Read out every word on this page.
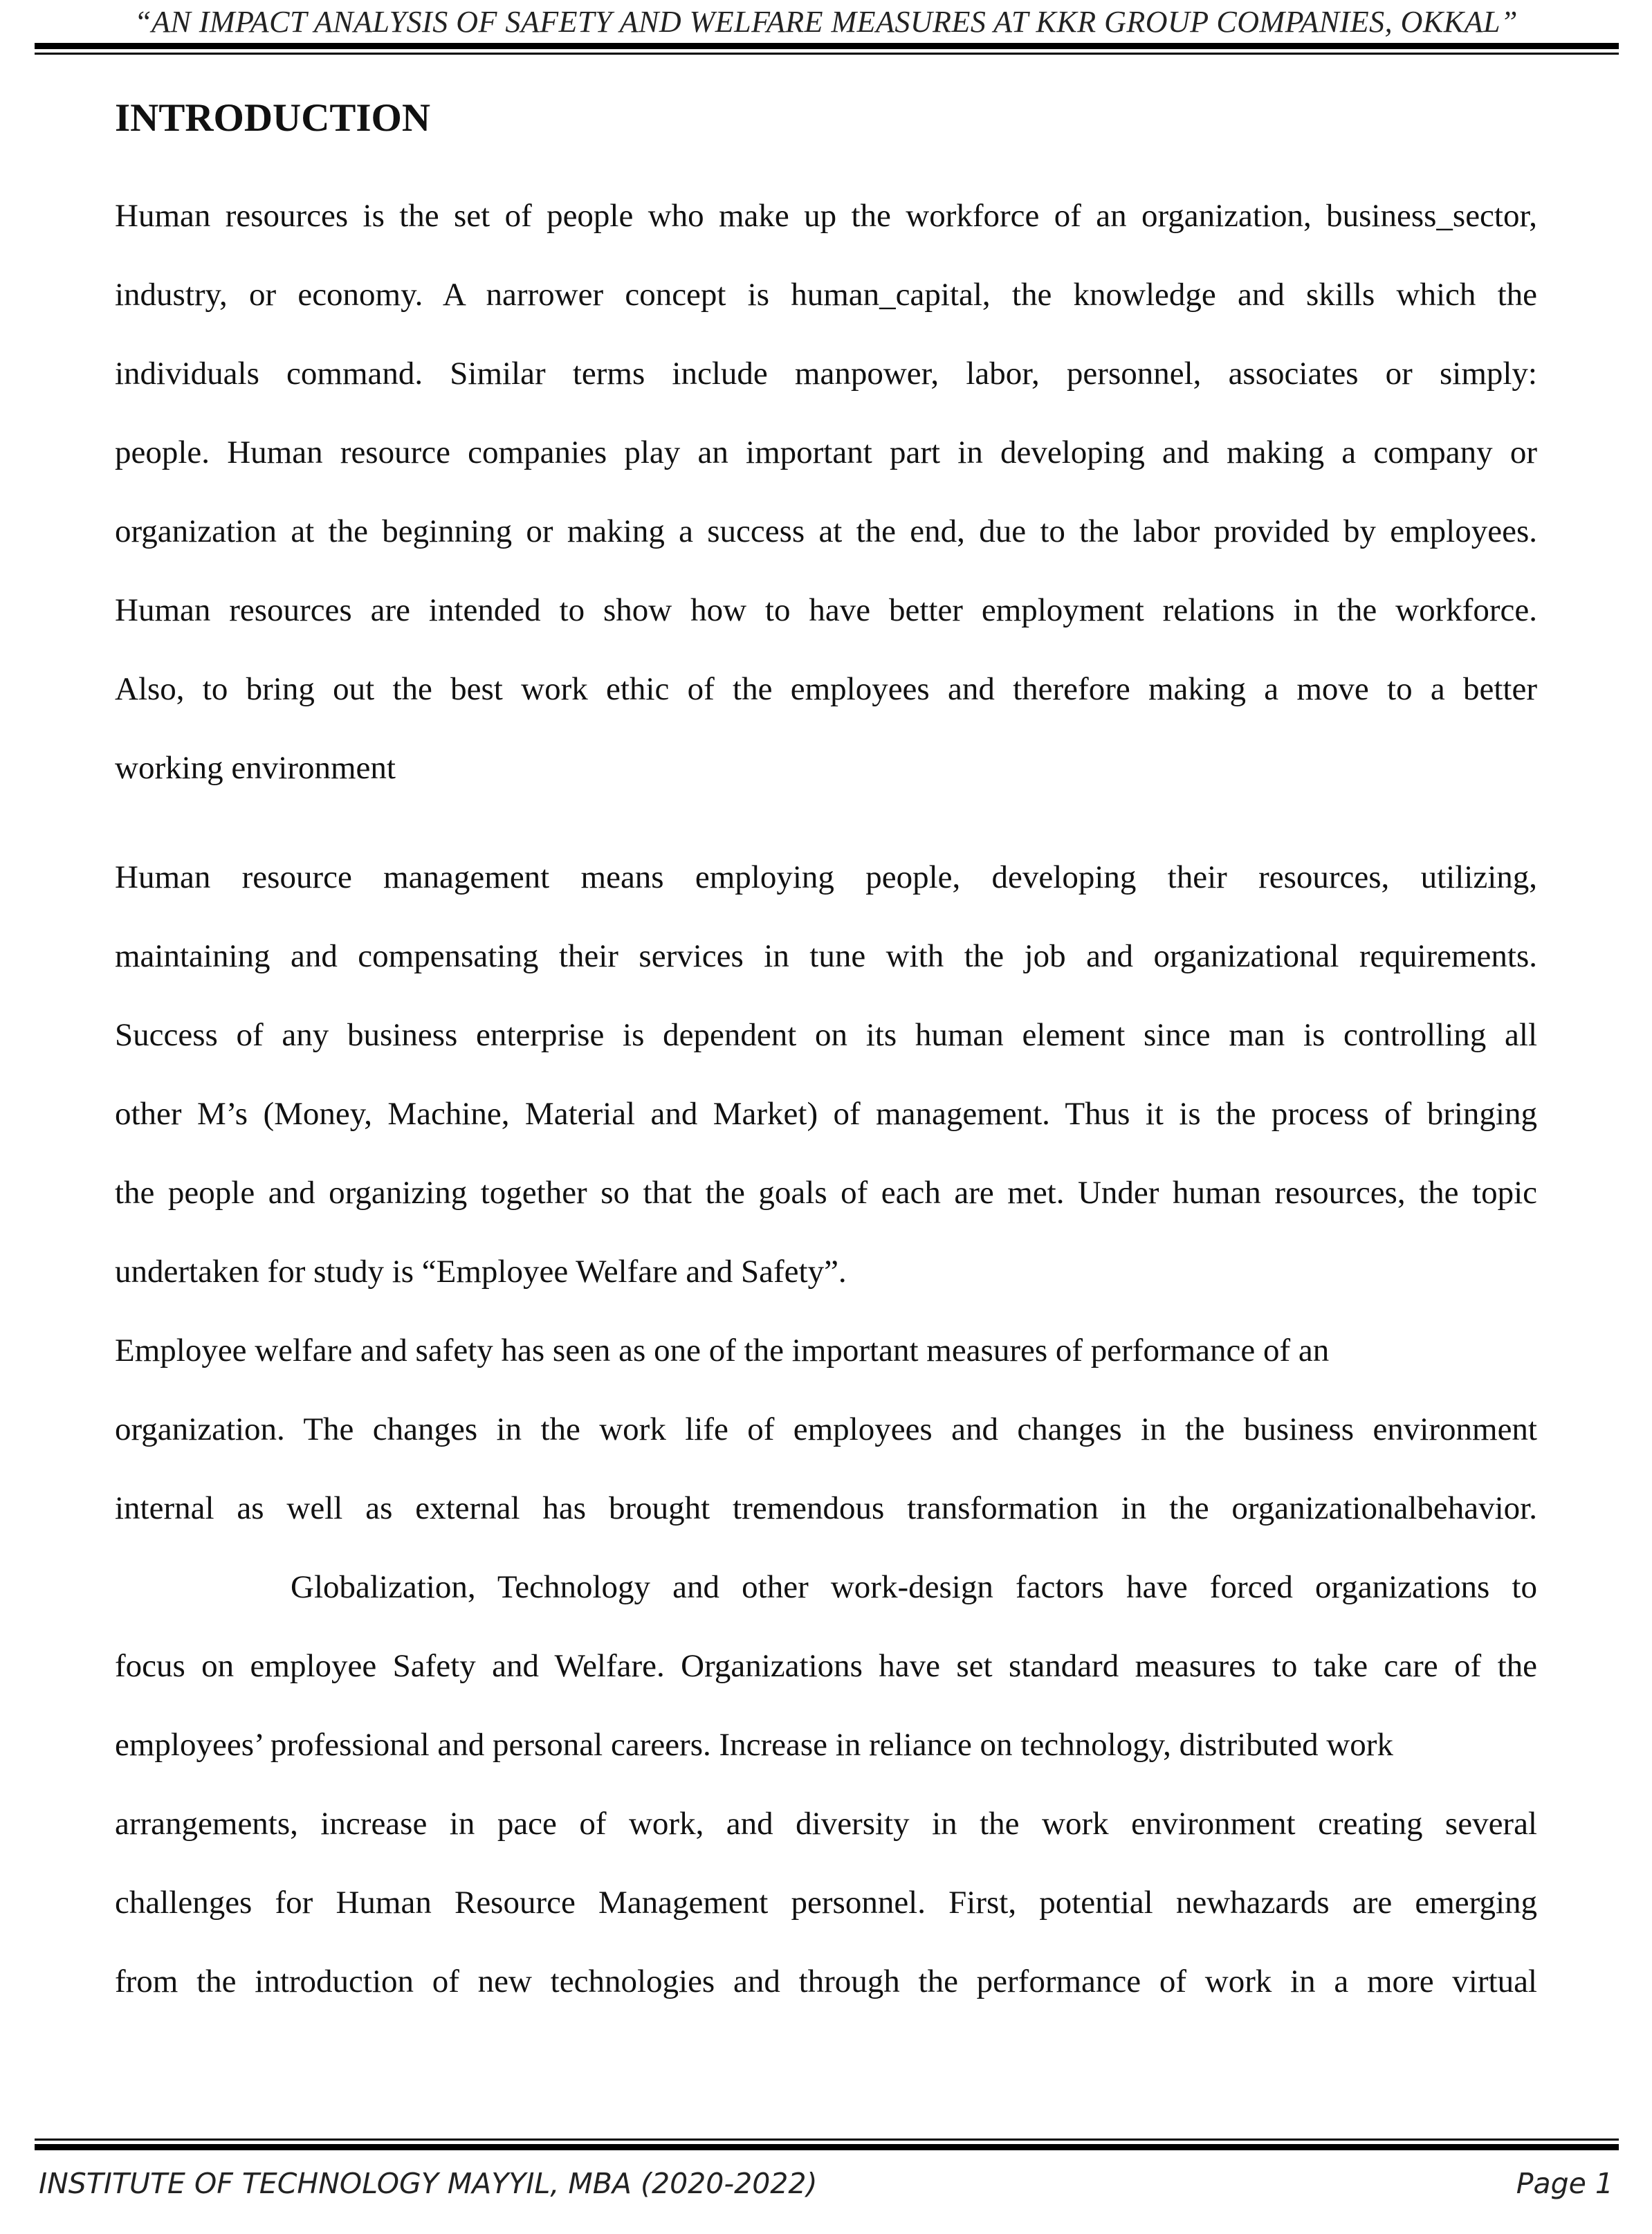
“AN IMPACT ANALYSIS OF SAFETY AND WELFARE MEASURES AT KKR GROUP COMPANIES, OKKAL”
INTRODUCTION
Human resources is the set of people who make up the workforce of an organization, business_sector,
industry, or economy. A narrower concept is human_capital, the knowledge and skills which the
individuals command. Similar terms include manpower, labor, personnel, associates or simply:
people. Human resource companies play an important part in developing and making a company or
organization at the beginning or making a success at the end, due to the labor provided by employees.
Human resources are intended to show how to have better employment relations in the workforce.
Also, to bring out the best work ethic of the employees and therefore making a move to a better
working environment
Human resource management means employing people, developing their resources, utilizing,
maintaining and compensating their services in tune with the job and organizational requirements.
Success of any business enterprise is dependent on its human element since man is controlling all
other M’s (Money, Machine, Material and Market) of management. Thus it is the process of bringing
the people and organizing together so that the goals of each are met. Under human resources, the topic
undertaken for study is “Employee Welfare and Safety”.
Employee welfare and safety has seen as one of the important measures of performance of an
organization. The changes in the work life of employees and changes in the business environment
internal as well as external has brought tremendous transformation in the organizationalbehavior.
Globalization, Technology and other work-design factors have forced organizations to
focus on employee Safety and Welfare. Organizations have set standard measures to take care of the
employees’ professional and personal careers. Increase in reliance on technology, distributed work
arrangements, increase in pace of work, and diversity in the work environment creating several
challenges for Human Resource Management personnel. First, potential newhazards are emerging
from the introduction of new technologies and through the performance of work in a more virtual
INSTITUTE OF TECHNOLOGY MAYYIL, MBA (2020-2022)	Page 1
